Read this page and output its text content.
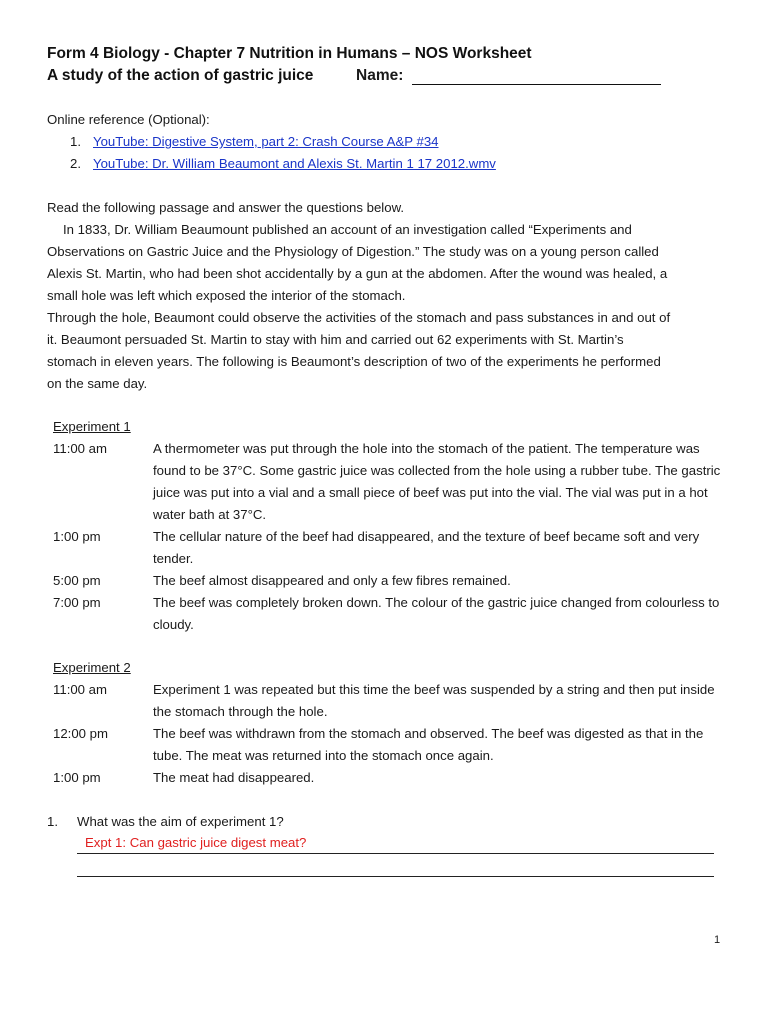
Form 4 Biology - Chapter 7 Nutrition in Humans – NOS Worksheet
A study of the action of gastric juice	Name:
Online reference (Optional):
1. YouTube: Digestive System, part 2: Crash Course A&P #34
2. YouTube: Dr. William Beaumont and Alexis St. Martin 1 17 2012.wmv
Read the following passage and answer the questions below.
In 1833, Dr. William Beaumount published an account of an investigation called “Experiments and
Observations on Gastric Juice and the Physiology of Digestion.” The study was on a young person called
Alexis St. Martin, who had been shot accidentally by a gun at the abdomen. After the wound was healed, a
small hole was left which exposed the interior of the stomach.
Through the hole, Beaumont could observe the activities of the stomach and pass substances in and out of
it. Beaumont persuaded St. Martin to stay with him and carried out 62 experiments with St. Martin’s
stomach in eleven years. The following is Beaumont’s description of two of the experiments he performed
on the same day.
Experiment 1
11:00 am	A thermometer was put through the hole into the stomach of the patient. The temperature was found to be 37°C. Some gastric juice was collected from the hole using a rubber tube. The gastric juice was put into a vial and a small piece of beef was put into the vial. The vial was put in a hot water bath at 37°C.
1:00 pm	The cellular nature of the beef had disappeared, and the texture of beef became soft and very tender.
5:00 pm	The beef almost disappeared and only a few fibres remained.
7:00 pm	The beef was completely broken down. The colour of the gastric juice changed from colourless to cloudy.
Experiment 2
11:00 am	Experiment 1 was repeated but this time the beef was suspended by a string and then put inside the stomach through the hole.
12:00 pm	The beef was withdrawn from the stomach and observed. The beef was digested as that in the tube. The meat was returned into the stomach once again.
1:00 pm	The meat had disappeared.
1. What was the aim of experiment 1?
Expt 1: Can gastric juice digest meat?
1
